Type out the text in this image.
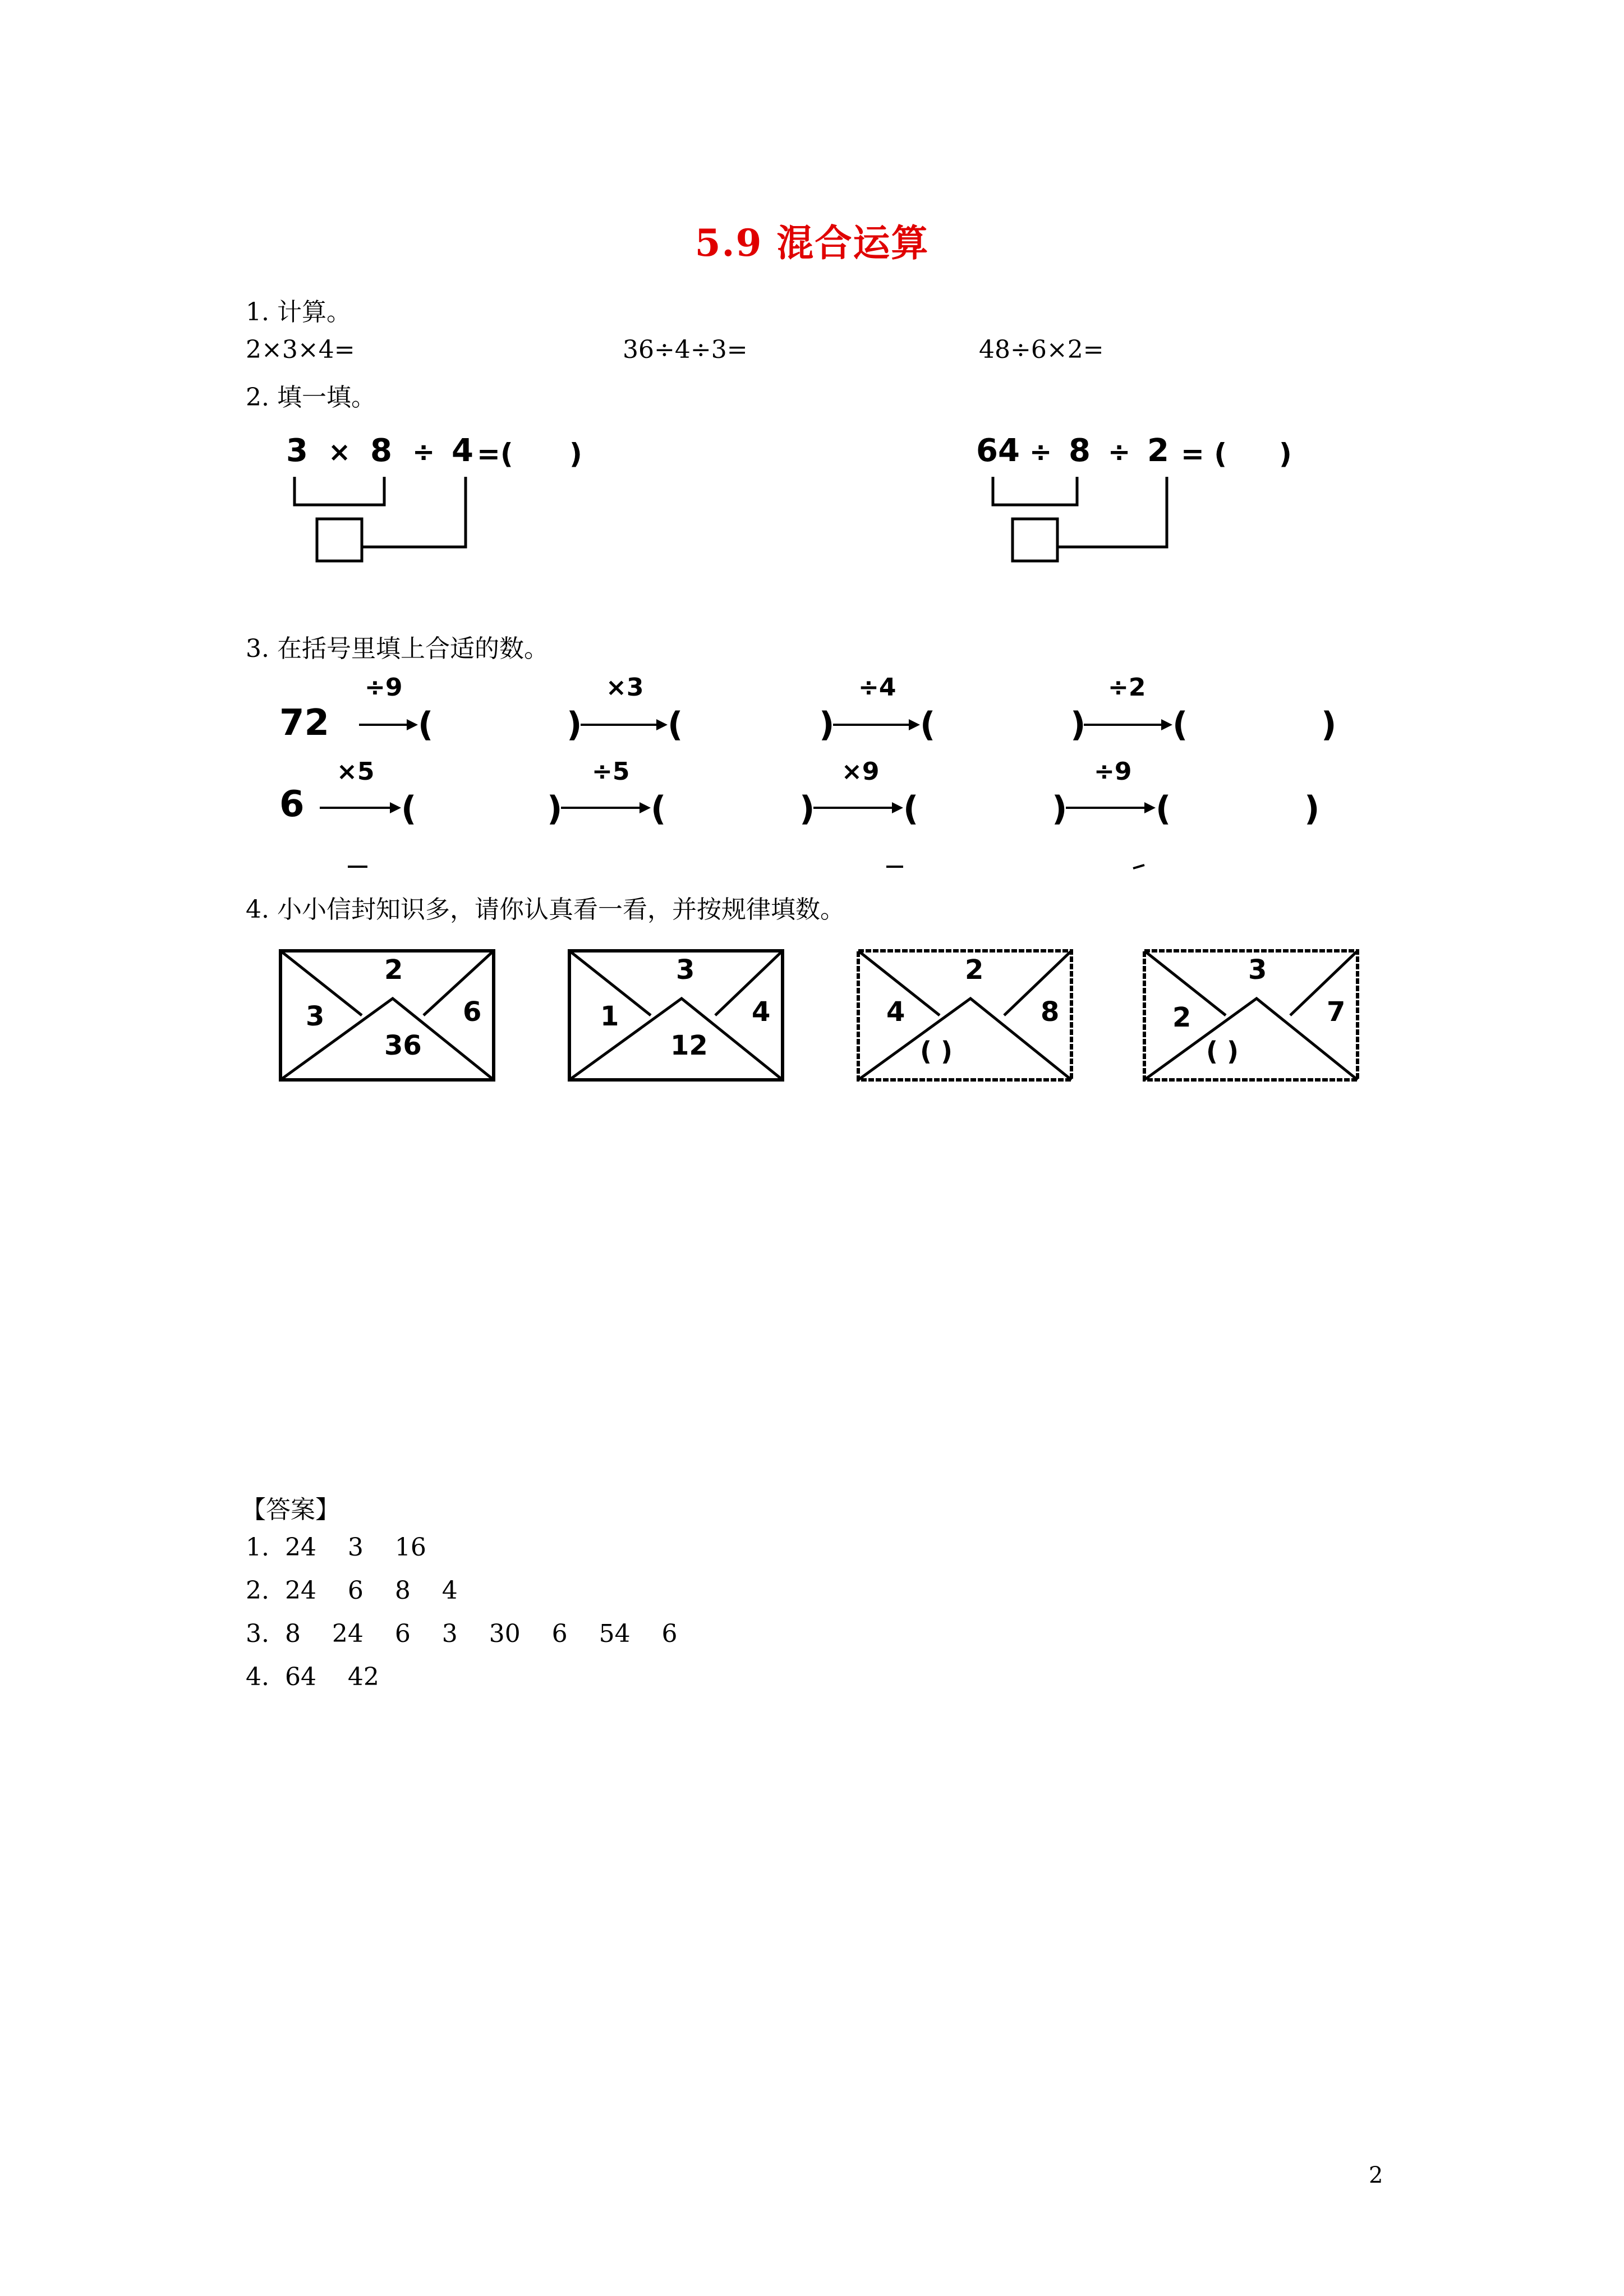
5.9 混合运算
1. 计算。
2×3×4=	36÷4÷3=	48÷6×2=
2. 填一填。
3 × 8 ÷ 4 =( )	64 ÷ 8 ÷ 2 = ( )
3. 在括号里填上合适的数。
72
÷9
(	)
×3
(	)
÷4
(	)
÷2
(	)
6
×5
(	)
÷5
(	)
×9
(	)
÷9
(	)
4. 小小信封知识多，请你认真看一看，并按规律填数。
2
3	6
36
3
1	4
12
2
4	8
( )
3
2	7
( )
【答案】
1.  24    3    16
2.  24    6    8    4
3.  8    24    6    3    30    6    54    6
4.  64    42
2
